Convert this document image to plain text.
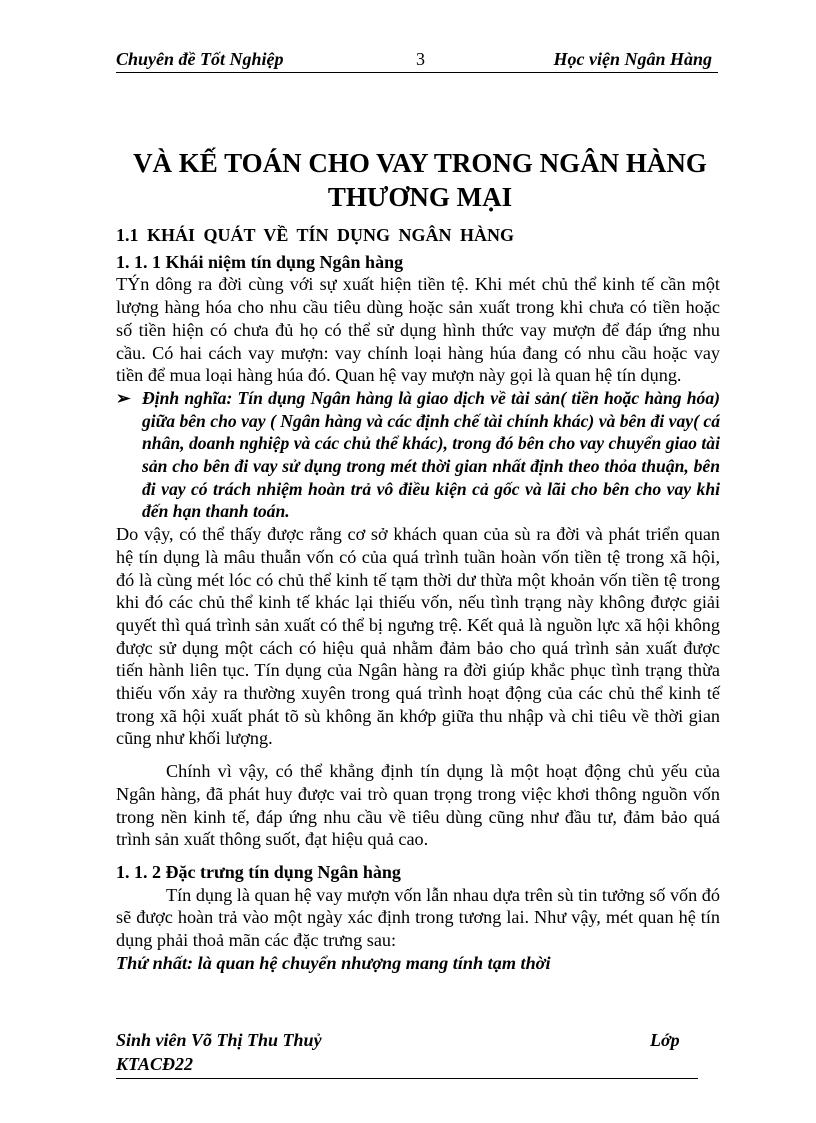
Chuyên đề Tốt Nghiệp	3	Học viện Ngân Hàng
VÀ KẾ TOÁN CHO VAY TRONG NGÂN HÀNG
THƯƠNG MẠI

1.1 KHÁI QUÁT VỀ TÍN DỤNG NGÂN HÀNG

1. 1. 1 Khái niệm tín dụng Ngân hàng

TÝn dông ra đời cùng với sự xuất hiện tiền tệ. Khi mét chủ thể kinh tế cần một lượng hàng hóa cho nhu cầu tiêu dùng hoặc sản xuất trong khi chưa có tiền hoặc số tiền hiện có chưa đủ họ có thể sử dụng hình thức vay mượn để đáp ứng nhu cầu. Có hai cách vay mượn: vay chính loại hàng húa đang có nhu cầu hoặc vay tiền để mua loại hàng húa đó. Quan hệ vay mượn này gọi là quan hệ tín dụng.

➢ Định nghĩa: Tín dụng Ngân hàng là giao dịch về tài sản( tiền hoặc hàng hóa) giữa bên cho vay ( Ngân hàng và các định chế tài chính khác) và bên đi vay( cá nhân, doanh nghiệp và các chủ thể khác), trong đó bên cho vay chuyển giao tài sản cho bên đi vay sử dụng trong mét thời gian nhất định theo thỏa thuận, bên đi vay có trách nhiệm hoàn trả vô điều kiện cả gốc và lãi cho bên cho vay khi đến hạn thanh toán.

Do vậy, có thể thấy được rằng cơ sở khách quan của sù ra đời và phát triển quan hệ tín dụng là mâu thuẫn vốn có của quá trình tuần hoàn vốn tiền tệ trong xã hội, đó là cùng mét lóc có chủ thể kinh tế tạm thời dư thừa một khoản vốn tiền tệ trong khi đó các chủ thể kinh tế khác lại thiếu vốn, nếu tình trạng này không được giải quyết thì quá trình sản xuất có thể bị ngưng trệ. Kết quả là nguồn lực xã hội không được sử dụng một cách có hiệu quả nhằm đảm bảo cho quá trình sản xuất được tiến hành liên tục. Tín dụng của Ngân hàng ra đời giúp khắc phục tình trạng thừa thiếu vốn xảy ra thường xuyên trong quá trình hoạt động của các chủ thể kinh tế trong xã hội xuất phát tõ sù không ăn khớp giữa thu nhập và chi tiêu về thời gian cũng như khối lượng.

Chính vì vậy, có thể khẳng định tín dụng là một hoạt động chủ yếu của Ngân hàng, đã phát huy được vai trò quan trọng trong việc khơi thông nguồn vốn trong nền kinh tế, đáp ứng nhu cầu về tiêu dùng cũng như đầu tư, đảm bảo quá trình sản xuất thông suốt, đạt hiệu quả cao.

1. 1. 2 Đặc trưng tín dụng Ngân hàng

Tín dụng là quan hệ vay mượn vốn lẫn nhau dựa trên sù tin tưởng số vốn đó sẽ được hoàn trả vào một ngày xác định trong tương lai. Như vậy, mét quan hệ tín dụng phải thoả mãn các đặc trưng sau:

Thứ nhất: là quan hệ chuyển nhượng mang tính tạm thời

Sinh viên Võ Thị Thu Thuỷ	Lớp
KTACĐ22
